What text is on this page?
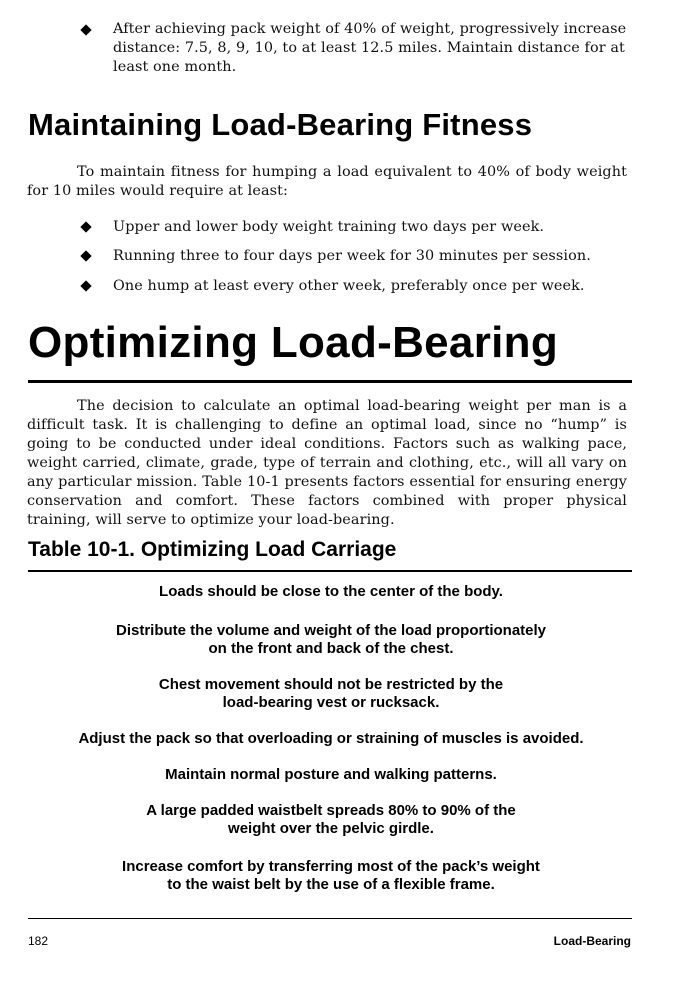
After achieving pack weight of 40% of weight, progressively increase distance: 7.5, 8, 9, 10, to at least 12.5 miles. Maintain distance for at least one month.
Maintaining Load-Bearing Fitness
To maintain fitness for humping a load equivalent to 40% of body weight for 10 miles would require at least:
Upper and lower body weight training two days per week.
Running three to four days per week for 30 minutes per session.
One hump at least every other week, preferably once per week.
Optimizing Load-Bearing
The decision to calculate an optimal load-bearing weight per man is a difficult task. It is challenging to define an optimal load, since no “hump” is going to be conducted under ideal conditions. Factors such as walking pace, weight carried, climate, grade, type of terrain and clothing, etc., will all vary on any particular mission. Table 10-1 presents factors essential for ensuring energy conservation and comfort. These factors combined with proper physical training, will serve to optimize your load-bearing.
Table 10-1. Optimizing Load Carriage
Loads should be close to the center of the body.
Distribute the volume and weight of the load proportionately
on the front and back of the chest.
Chest movement should not be restricted by the
load-bearing vest or rucksack.
Adjust the pack so that overloading or straining of muscles is avoided.
Maintain normal posture and walking patterns.
A large padded waistbelt spreads 80% to 90% of the
weight over the pelvic girdle.
Increase comfort by transferring most of the pack’s weight
to the waist belt by the use of a flexible frame.
182	Load-Bearing
